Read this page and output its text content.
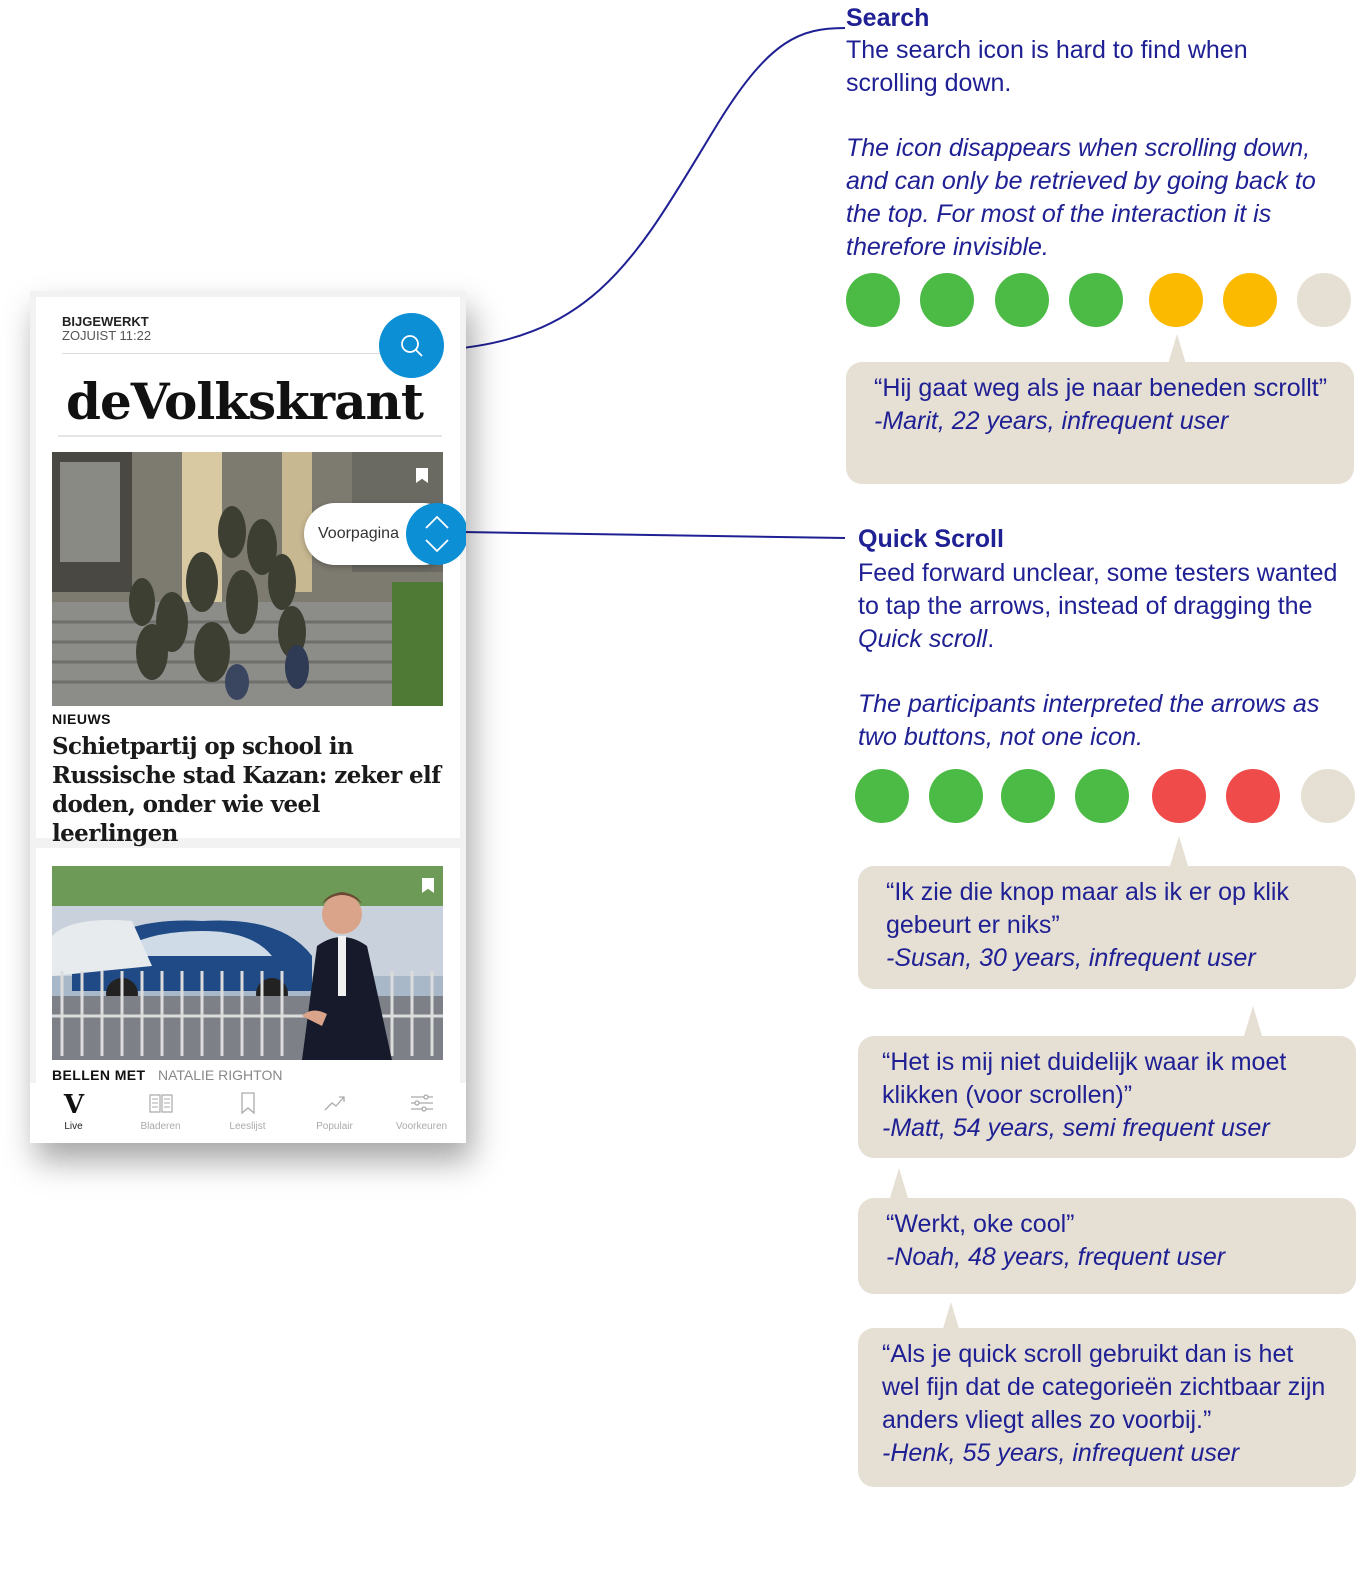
BIJGEWERKT
ZOJUIST 11:22
deVolkskrant
NIEUWS
Schietpartij op school in Russische stad Kazan: zeker elf doden, onder wie veel leerlingen
Voorpagina
BELLEN MET NATALIE RIGHTON
V
Live	Bladeren	Leeslijst	Populair	Voorkeuren
Search
The search icon is hard to find when scrolling down.
The icon disappears when scrolling down, and can only be retrieved by going back to the top. For most of the interaction it is therefore invisible.
“Hij gaat weg als je naar beneden scrollt”
-Marit, 22 years, infrequent user
Quick Scroll
Feed forward unclear, some testers wanted to tap the arrows, instead of dragging the Quick scroll.
The participants interpreted the arrows as two buttons, not one icon.
“Ik zie die knop maar als ik er op klik gebeurt er niks”
-Susan, 30 years, infrequent user
“Het is mij niet duidelijk waar ik moet klikken (voor scrollen)”
-Matt, 54 years, semi frequent user
“Werkt, oke cool”
-Noah, 48 years, frequent user
“Als je quick scroll gebruikt dan is het wel fijn dat de categorieën zichtbaar zijn anders vliegt alles zo voorbij.”
-Henk, 55 years, infrequent user
